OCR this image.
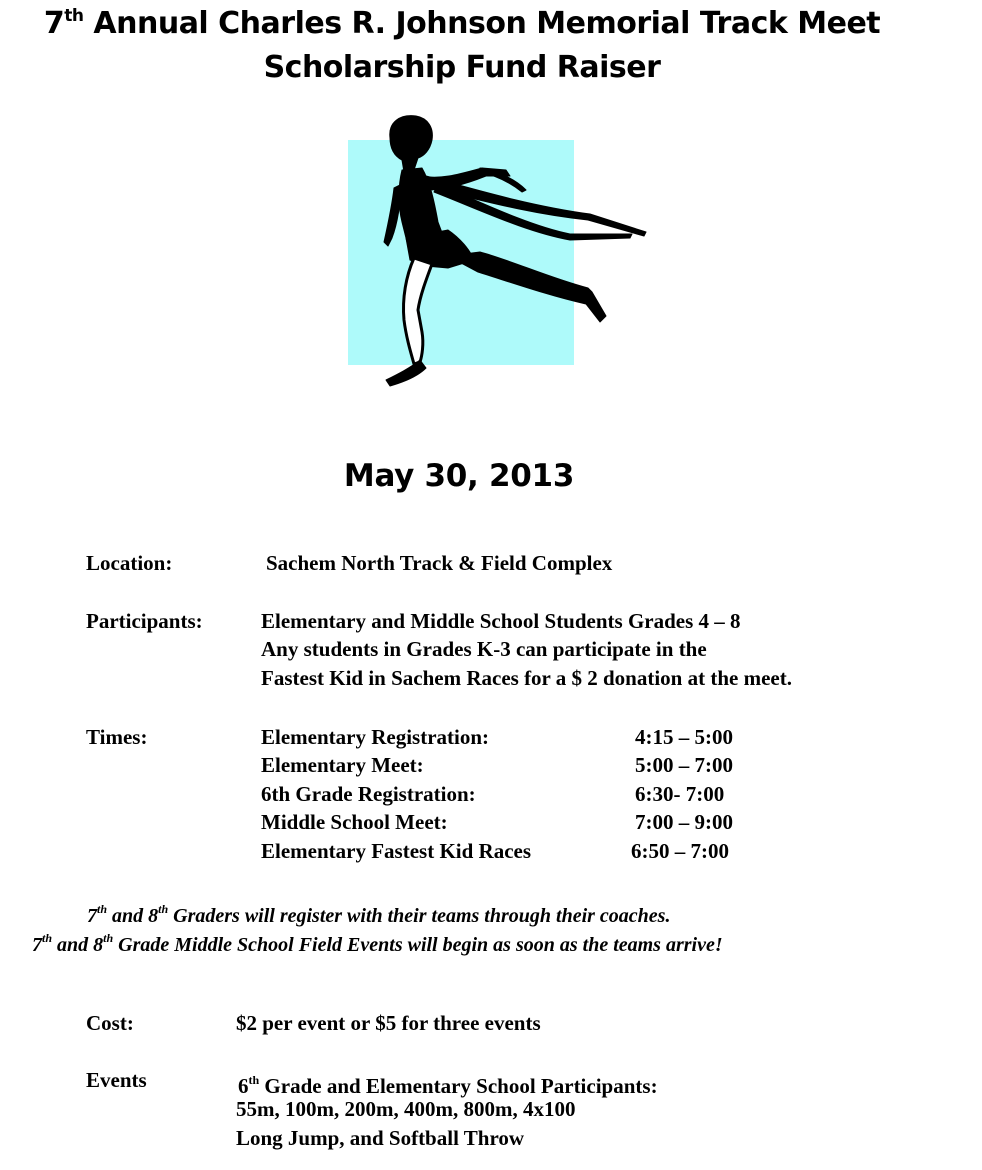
7th Annual Charles R. Johnson Memorial Track Meet
Scholarship Fund Raiser
May 30, 2013
Location:	Sachem North Track & Field Complex
Participants:	Elementary and Middle School Students Grades 4 – 8
Any students in Grades K-3 can participate in the
Fastest Kid in Sachem Races for a $ 2 donation at the meet.
Times:	Elementary Registration:	4:15 – 5:00
Elementary Meet:	5:00 – 7:00
6th Grade Registration:	6:30- 7:00
Middle School Meet:	7:00 – 9:00
Elementary Fastest Kid Races	6:50 – 7:00
7th and 8th Graders will register with their teams through their coaches.
7th and 8th Grade Middle School Field Events will begin as soon as the teams arrive!
Cost:	$2 per event or $5 for three events
Events	6th Grade and Elementary School Participants:
55m, 100m, 200m, 400m, 800m, 4x100
Long Jump, and Softball Throw
